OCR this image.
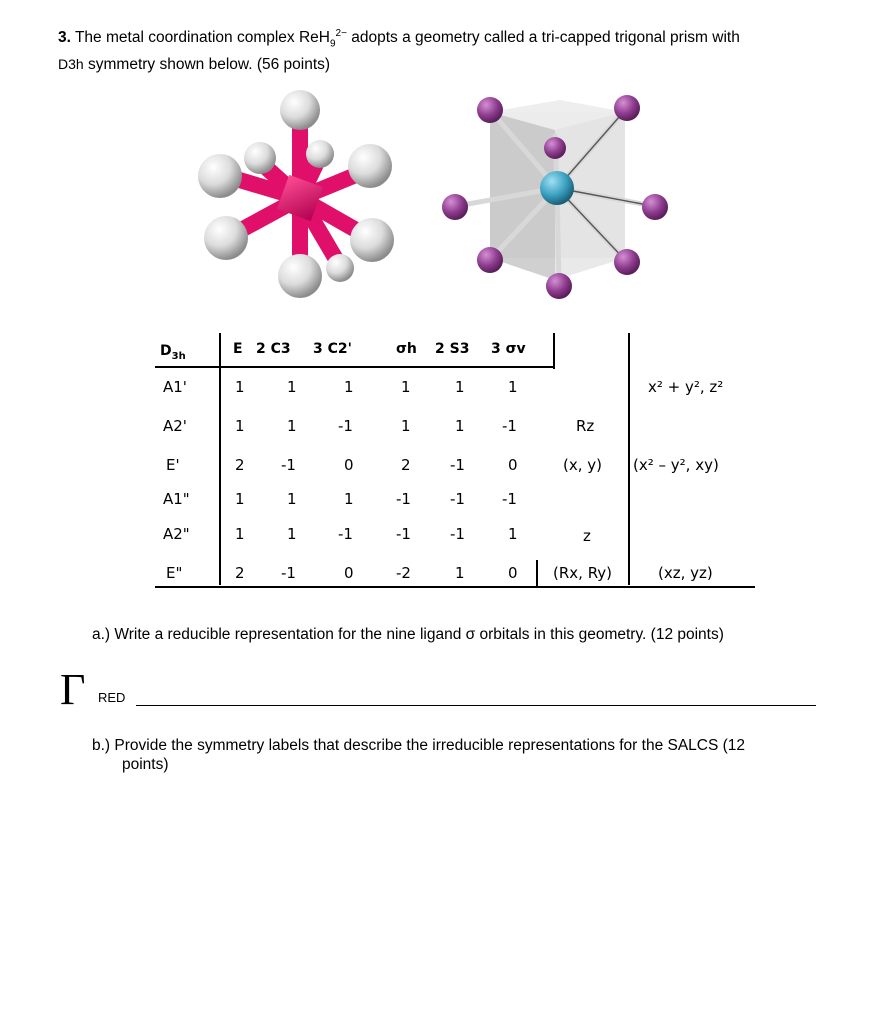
3. The metal coordination complex ReH$_9^{2-}$ adopts a geometry called a tri-capped trigonal prism with
D3h symmetry shown below. (56 points)
$D_{3h}$	E 2 C3 3 C2'	σh 2 S3 3 σv
A1'	1	1	1	1	1	1	x² + y², z²
A2'	1	1	-1	1	1 -1	Rz
E'	2 -1	0	2	-1	0	(x, y) (x² – y², xy)
A1"	1	1	1	-1	-1 -1
A2"	1	1	-1	-1	-1	1	z
E"	2 -1	0	-2	1	0 (Rx, Ry)	(xz, yz)
a.) Write a reducible representation for the nine ligand σ orbitals in this geometry. (12 points)
Γ RED
b.) Provide the symmetry labels that describe the irreducible representations for the SALCS (12
points)
